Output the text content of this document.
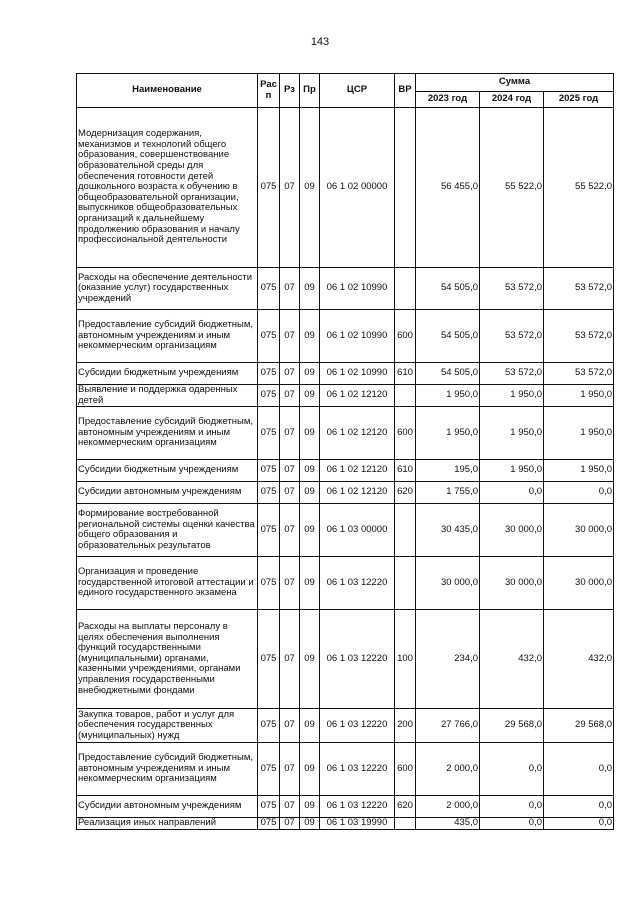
143
Наименование	Рас п	Рз	Пр	ЦСР	ВР	Сумма		
						2023 год	2024 год	2025 год
Модернизация содержания, механизмов и технологий общего образования, совершенствование образовательной среды для обеспечения готовности детей дошкольного возраста к обучению в общеобразовательной организации, выпускников общеобразовательных организаций к дальнейшему продолжению образования и началу профессиональной деятельности	075	07	09	06 1 02 00000		56 455,0	55 522,0	55 522,0
Расходы на обеспечение деятельности (оказание услуг) государственных учреждений	075	07	09	06 1 02 10990		54 505,0	53 572,0	53 572,0
Предоставление субсидий бюджетным, автономным учреждениям и иным некоммерческим организациям	075	07	09	06 1 02 10990	600	54 505,0	53 572,0	53 572,0
Субсидии бюджетным учреждениям	075	07	09	06 1 02 10990	610	54 505,0	53 572,0	53 572,0
Выявление и поддержка одаренных детей	075	07	09	06 1 02 12120		1 950,0	1 950,0	1 950,0
Предоставление субсидий бюджетным, автономным учреждениям и иным некоммерческим организациям	075	07	09	06 1 02 12120	600	1 950,0	1 950,0	1 950,0
Субсидии бюджетным учреждениям	075	07	09	06 1 02 12120	610	195,0	1 950,0	1 950,0
Субсидии автономным учреждениям	075	07	09	06 1 02 12120	620	1 755,0	0,0	0,0
Формирование востребованной региональной системы оценки качества общего образования и образовательных результатов	075	07	09	06 1 03 00000		30 435,0	30 000,0	30 000,0
Организация и проведение государственной итоговой аттестации и единого государственного экзамена	075	07	09	06 1 03 12220		30 000,0	30 000,0	30 000,0
Расходы на выплаты персоналу в целях обеспечения выполнения функций государственными (муниципальными) органами, казенными учреждениями, органами управления государственными внебюджетными фондами	075	07	09	06 1 03 12220	100	234,0	432,0	432,0
Закупка товаров, работ и услуг для обеспечения государственных (муниципальных) нужд	075	07	09	06 1 03 12220	200	27 766,0	29 568,0	29 568,0
Предоставление субсидий бюджетным, автономным учреждениям и иным некоммерческим организациям	075	07	09	06 1 03 12220	600	2 000,0	0,0	0,0
Субсидии автономным учреждениям	075	07	09	06 1 03 12220	620	2 000,0	0,0	0,0
Реализация иных направлений	075	07	09	06 1 03 19990		435,0	0,0	0,0
